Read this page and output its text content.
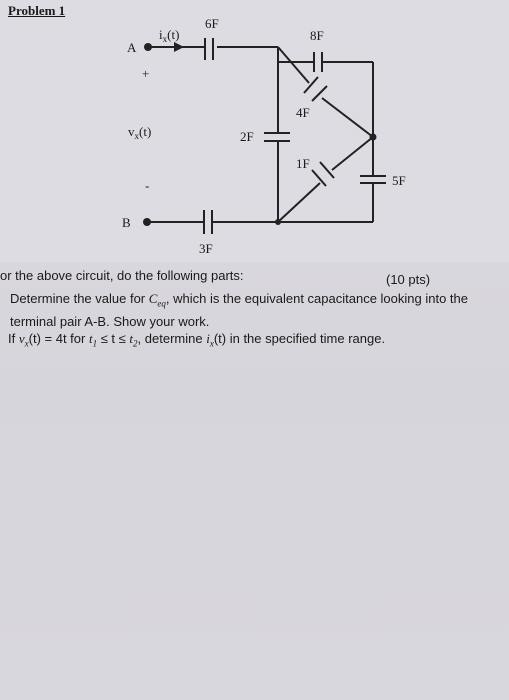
Problem 1
A
B
+
-
$v_x(t)$
$i_x(t)$
6F
8F
4F
2F
1F
5F
3F
or the above circuit, do the following parts:	(10 pts)
Determine the value for $C_{eq}$, which is the equivalent capacitance looking into the terminal pair A-B. Show your work.
If $v_x(t) = 4t$ for $t_1 \le t \le t_2$, determine $i_x(t)$ in the specified time range.
